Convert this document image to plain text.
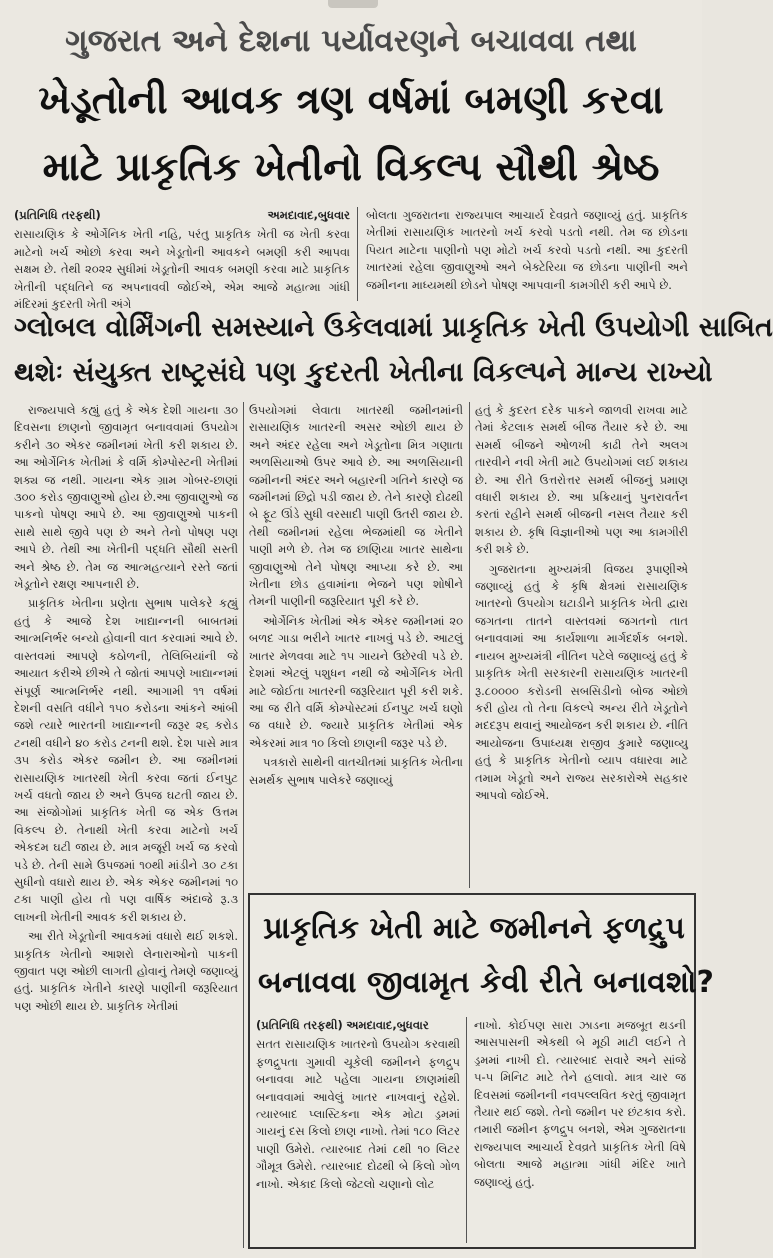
ગુજરાત અને દેશના પર્યાવરણને બચાવવા તથા
ખેડૂતોની આવક ત્રણ વર્ષમાં બમણી કરવા
માટે પ્રાકૃતિક ખેતીનો વિકલ્પ સૌથી શ્રેષ્ઠ

(પ્રતિનિધિ તરફથી)	અમદાવાદ,બુધવાર

રાસાયણિક કે ઓર્ગેનિક ખેતી નહિ, પરંતુ પ્રાકૃતિક ખેતી જ ખેતી કરવા માટેનો ખર્ચ ઓછો કરવા અને ખેડૂતોની આવકને બમણી કરી આપવા સક્ષમ છે. તેથી ૨૦૨૨ સુધીમાં ખેડૂતોની આવક બમણી કરવા માટે પ્રાકૃતિક ખેતીની પદ્ધતિને જ અપનાવવી જોઈએ, એમ આજે મહાત્મા ગાંધી મંદિરમાં કુદરતી ખેતી અંગે

બોલતા ગુજરાતના રાજ્યપાલ આચાર્ય દેવવ્રતે જણાવ્યું હતું. પ્રાકૃતિક ખેતીમાં રાસાયણિક ખાતરનો ખર્ચ કરવો પડતો નથી. તેમ જ છોડના પિયત માટેના પાણીનો પણ મોટો ખર્ચ કરવો પડતો નથી. આ કુદરતી ખાતરમાં રહેલા જીવાણુઓ અને બેક્ટેરિયા જ છોડના પાણીની અને જમીનના માધ્યમથી છોડને પોષણ આપવાની કામગીરી કરી આપે છે.

ગ્લોબલ વોર્મિંગની સમસ્યાને ઉકેલવામાં પ્રાકૃતિક ખેતી ઉપયોગી સાબિત
થશેઃ સંયુક્ત રાષ્ટ્રસંઘે પણ કુદરતી ખેતીના વિકલ્પને માન્ય રાખ્યો

રાજ્યપાલે કહ્યું હતું કે એક દેશી ગાયના ૩૦ દિવસના છાણનો જીવામૃત બનાવવામાં ઉપયોગ કરીને ૩૦ એકર જમીનમાં ખેતી કરી શકાય છે. આ ઓર્ગેનિક ખેતીમાં કે વર્મિ કોમ્પોસ્ટની ખેતીમાં શક્ય જ નથી. ગાયના એક ગ્રામ ગોબર-છાણાં ૩૦૦ કરોડ જીવાણુઓ હોય છે.આ જીવાણુઓ જ પાકનો પોષણ આપે છે. આ જીવાણુઓ પાકની સાથે સાથે જીવે પણ છે અને તેનો પોષણ પણ આપે છે. તેથી આ ખેતીની પદ્ધતિ સૌથી સસ્તી અને શ્રેષ્ઠ છે. તેમ જ આત્મહત્યાને રસ્તે જતાં ખેડૂતોને રક્ષણ આપનારી છે.

પ્રાકૃતિક ખેતીના પ્રણેતા સુભાષ પાલેકરે કહ્યું હતું કે આજે દેશ ખાદ્યાન્નની બાબતમાં આત્મનિર્ભર બન્યો હોવાની વાત કરવામાં આવે છે. વાસ્તવમાં આપણે કઠોળની, તેલિબિયાંની જે આયાત કરીએ છીએ તે જોતાં આપણે ખાદ્યાન્નમાં સંપૂર્ણ આત્મનિર્ભર નથી. આગામી ૧૧ વર્ષમાં દેશની વસતિ વધીને ૧૫૦ કરોડના આંકને આંબી જશે ત્યારે ભારતની ખાદ્યાન્નની જરૂર ૨૬ કરોડ ટનથી વધીને ૪૦ કરોડ ટનની થશે. દેશ પાસે માત્ર ૩૫ કરોડ એકર જમીન છે. આ જમીનમાં રાસાયણિક ખાતરથી ખેતી કરવા જતાં ઈનપુટ ખર્ચ વધતો જાય છે અને ઉપજ ઘટતી જાય છે. આ સંજોગોમાં પ્રાકૃતિક ખેતી જ એક ઉત્તમ વિકલ્પ છે. તેનાથી ખેતી કરવા માટેનો ખર્ચ એકદમ ઘટી જાય છે. માત્ર મજૂરી ખર્ચ જ કરવો પડે છે. તેની સામે ઉપજમાં ૧૦થી માંડીને ૩૦ ટકા સુધીનો વધારો થાય છે. એક એકર જમીનમાં ૧૦ ટકા પાણી હોય તો પણ વાર્ષિક અંદાજે રૂ.૩ લાખની ખેતીની આવક કરી શકાય છે.

આ રીતે ખેડૂતોની આવકમાં વધારો થઈ શકશે. પ્રાકૃતિક ખેતીનો આશરો લેનારાઓનો પાકની જીવાત પણ ઓછી લાગતી હોવાનું તેમણે જણાવ્યું હતું. પ્રાકૃતિક ખેતીને કારણે પાણીની જરૂરિયાત પણ ઓછી થાય છે. પ્રાકૃતિક ખેતીમાં

ઉપયોગમાં લેવાતા ખાતરથી જમીનમાંની રાસાયણિક ખાતરની અસર ઓછી થાય છે અને અંદર રહેલા અને ખેડૂતોના મિત્ર ગણાતા અળસિયાઓ ઉપર આવે છે. આ અળસિયાની જમીનની અંદર અને બહારની ગતિને કારણે જ જમીનમાં છિદ્રો પડી જાય છે. તેને કારણે દોઢથી બે ફૂટ ઊંડે સુધી વરસાદી પાણી ઉતરી જાય છે. તેથી જમીનમાં રહેલા ભેજમાંથી જ ખેતીને પાણી મળે છે. તેમ જ છાણિયા ખાતર સાથેના જીવાણુઓ તેને પોષણ આપ્યા કરે છે. આ ખેતીના છોડ હવામાંના ભેજને પણ શોષીને તેમની પાણીની જરૂરિયાત પૂરી કરે છે.

ઓર્ગેનિક ખેતીમાં એક એકર જમીનમાં ૨૦ બળદ ગાડા ભરીને ખાતર નાખવું પડે છે. આટલું ખાતર મેળવવા માટે ૧૫ ગાયને ઉછેરવી પડે છે. દેશમાં એટલું પશુધન નથી જે ઓર્ગેનિક ખેતી માટે જોઈતા ખાતરની જરૂરિયાત પૂરી કરી શકે. આ જ રીતે વર્મિ કોમ્પોસ્ટમાં ઈનપુટ ખર્ચ ઘણો જ વધારે છે. જ્યારે પ્રાકૃતિક ખેતીમાં એક એકરમાં માત્ર ૧૦ કિલો છાણની જરૂર પડે છે.

પત્રકારો સાથેની વાતચીતમાં પ્રાકૃતિક ખેતીના સમર્થક સુભાષ પાલેકરે જણાવ્યું

હતું કે કુદરત દરેક પાકને જાળવી રાખવા માટે તેમાં કેટલાક સમર્થ બીજ તૈયાર કરે છે. આ સમર્થ બીજને ઓળખી કાઢી તેને અલગ તારવીને નવી ખેતી માટે ઉપયોગમાં લઈ શકાય છે. આ રીતે ઉત્તરોત્તર સમર્થ બીજનું પ્રમાણ વધારી શકાય છે. આ પ્રક્રિયાનું પુનરાવર્તન કરતાં રહીને સમર્થ બીજની નસલ તૈયાર કરી શકાય છે. કૃષિ વિજ્ઞાનીઓ પણ આ કામગીરી કરી શકે છે.

ગુજરાતના મુખ્યમંત્રી વિજય રૂપાણીએ જણાવ્યું હતું કે કૃષિ ક્ષેત્રમાં રાસાયણિક ખાતરનો ઉપયોગ ઘટાડીને પ્રાકૃતિક ખેતી દ્વારા જગતના તાતને વાસ્તવમાં જગતનો તાત બનાવવામાં આ કાર્યશાળા માર્ગદર્શક બનશે. નાયબ મુખ્યમંત્રી નીતિન પટેલે જણાવ્યું હતું કે પ્રાકૃતિક ખેતી સરકારની રાસાયણિક ખાતરની રૂ.૮૦૦૦૦ કરોડની સબસિડીનો બોજ ઓછો કરી હોય તો તેના વિકલ્પે અન્ય રીતે ખેડૂતોને મદદરૂપ થવાનું આયોજન કરી શકાય છે. નીતિ આયોજના ઉપાધ્યક્ષ રાજીવ કુમારે જણાવ્યુ હતું કે પ્રાકૃતિક ખેતીનો વ્યાપ વધારવા માટે તમામ ખેડૂતો અને રાજ્ય સરકારોએ સહકાર આપવો જોઈએ.

પ્રાકૃતિક ખેતી માટે જમીનને ફળદ્રુપ
બનાવવા જીવામૃત કેવી રીતે બનાવશો?

(પ્રતિનિધિ તરફથી) અમદાવાદ,બુધવાર

સતત રાસાયણિક ખાતરનો ઉપયોગ કરવાથી ફળદ્રુપતા ગુમાવી ચૂકેલી જમીનને ફળદ્રુપ બનાવવા માટે પહેલા ગાયના છાણમાંથી બનાવવામાં આવેલું ખાતર નાખવાનું રહેશે. ત્યારબાદ પ્લાસ્ટિકના એક મોટા ડ્રમમાં ગાયનું દસ કિલો છાણ નાખો. તેમાં ૧૮૦ લિટર પાણી ઉમેરો. ત્યારબાદ તેમાં ૮થી ૧૦ લિટર ગૌમૂત્ર ઉમેરો. ત્યારબાદ દોઢથી બે કિલો ગોળ નાખો. એકાદ કિલો જેટલો ચણાનો લોટ

નાખો. કોઈપણ સારા ઝાડના મજબૂત થડની આસપાસની એકથી બે મૂઠી માટી લઈને તે ડ્રમમાં નાખી દો. ત્યારબાદ સવારે અને સાંજે ૫-૫ મિનિટ માટે તેને હલાવો. માત્ર ચાર જ દિવસમાં જમીનની નવપલ્લવિત કરતું જીવામૃત તૈયાર થઈ જશે. તેનો જમીન પર છંટકાવ કરો. તમારી જમીન ફળદ્રુપ બનશે, એમ ગુજરાતના રાજ્યપાલ આચાર્ય દેવવ્રતે પ્રાકૃતિક ખેતી વિષે બોલતા આજે મહાત્મા ગાંધી મંદિર ખાતે જણાવ્યું હતું.
